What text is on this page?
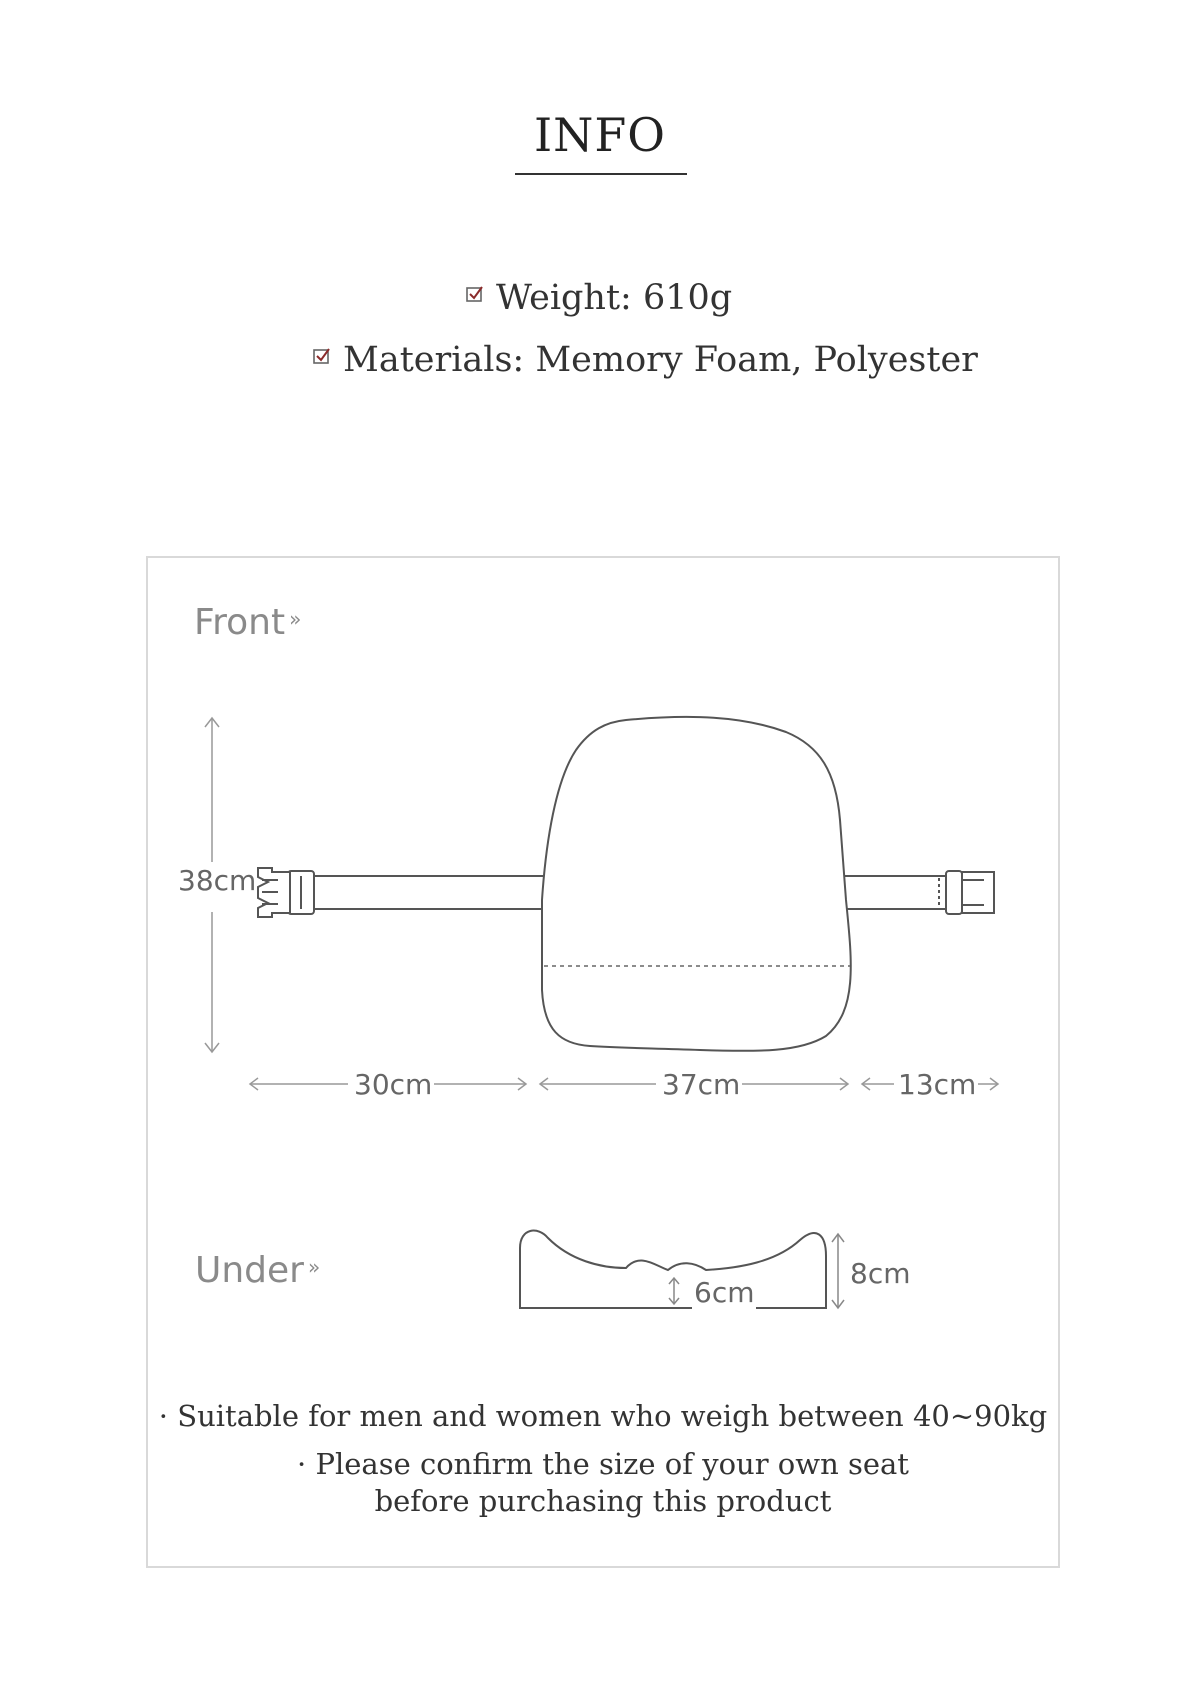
INFO
Weight: 610g
Materials: Memory Foam, Polyester
Front »
Under »
38cm
30cm	37cm	13cm
8cm
6cm
· Suitable for men and women who weigh between 40~90kg
· Please confirm the size of your own seat
before purchasing this product
